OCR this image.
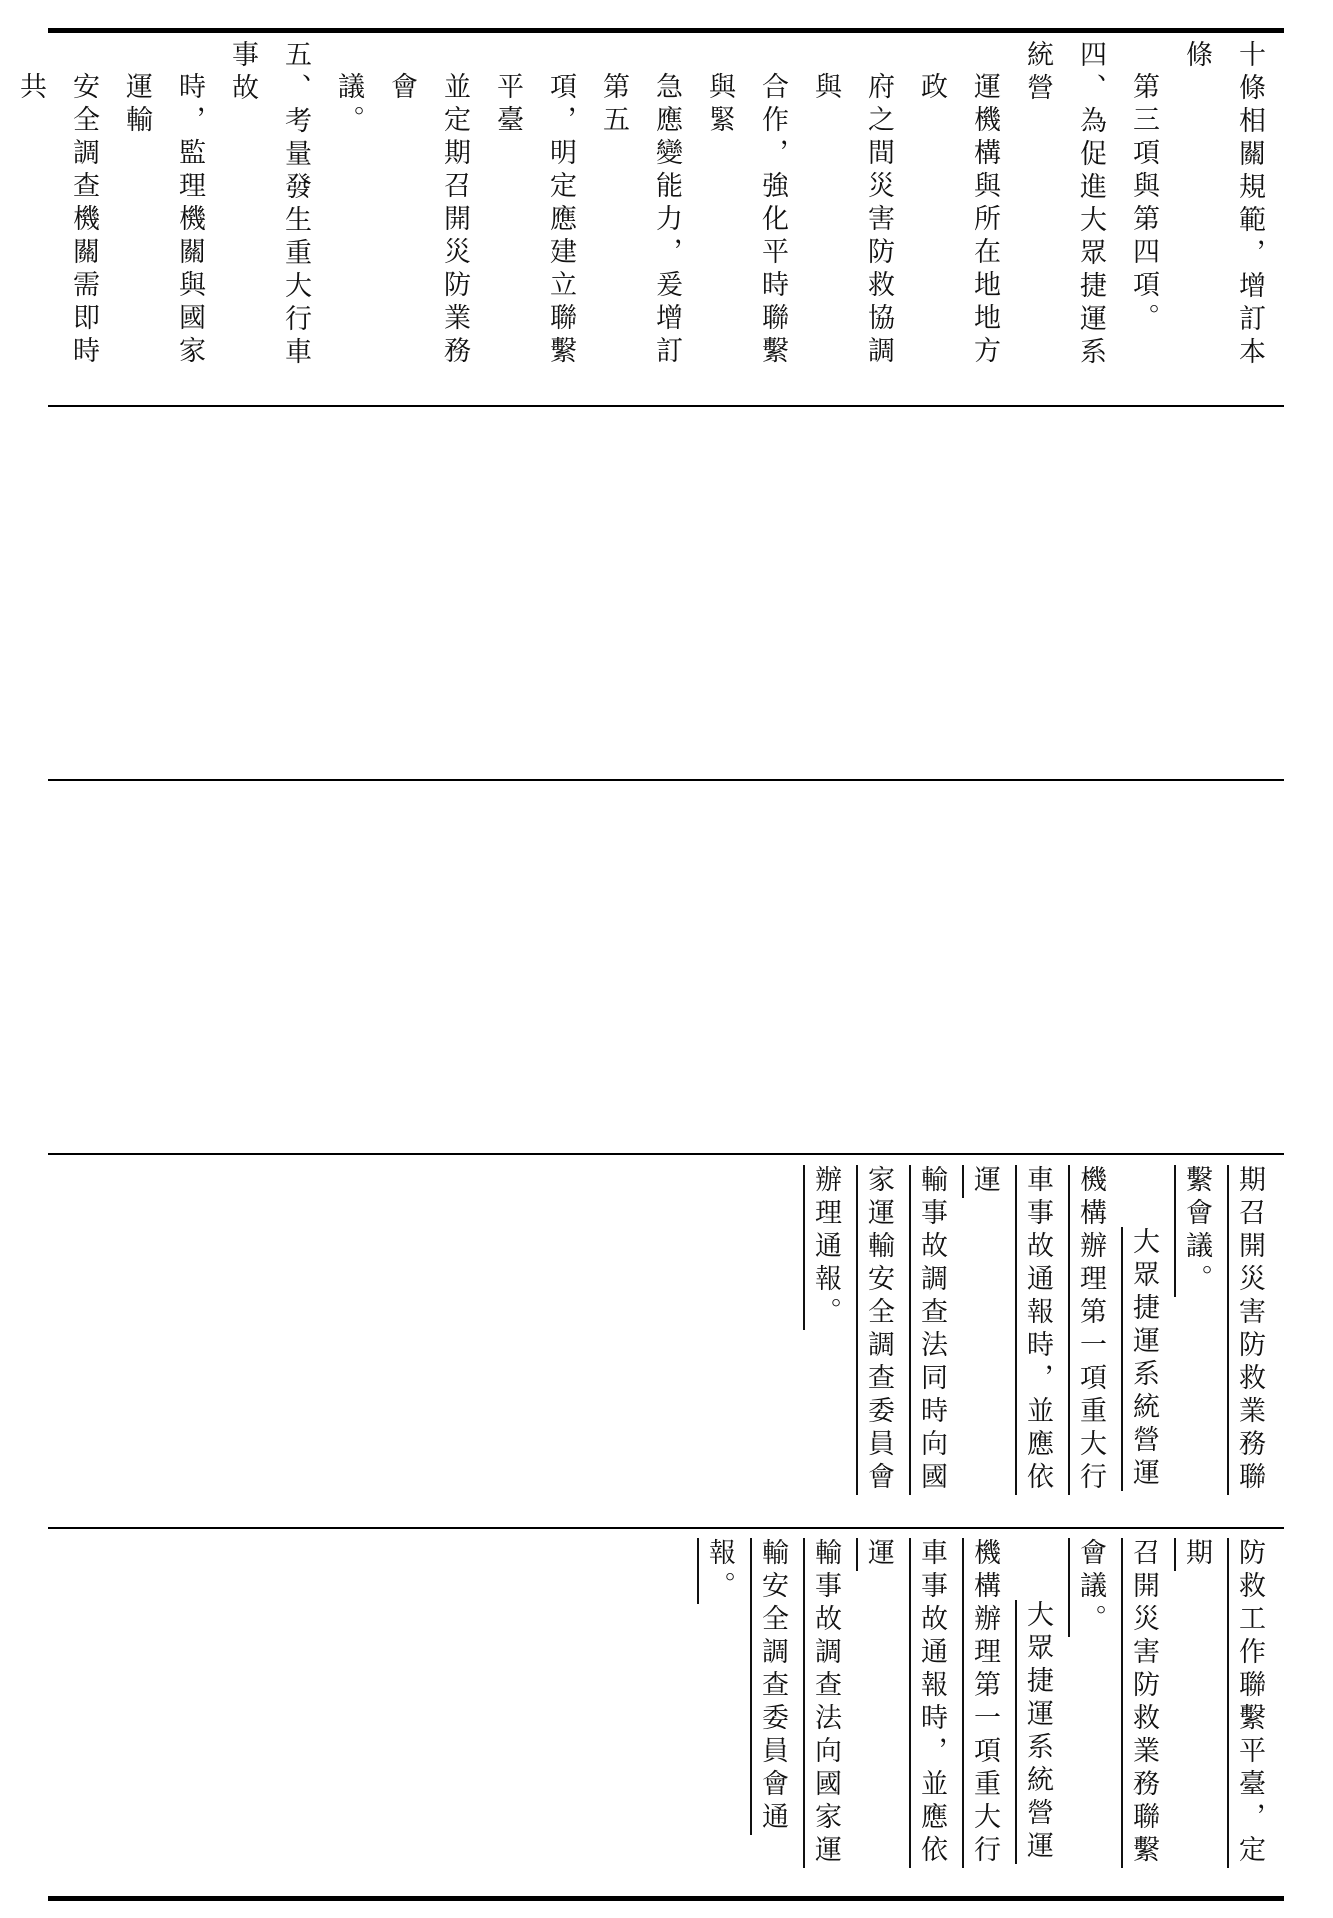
十條相關規範，增訂本條
第三項與第四項。
四、為促進大眾捷運系統營
運機構與所在地地方政
府之間災害防救協調與
合作，強化平時聯繫與緊
急應變能力，爰增訂第五
項，明定應建立聯繫平臺
並定期召開災防業務會
議。
五、考量發生重大行車事故
時，監理機關與國家運輸
安全調查機關需即時共
期召開災害防救業務聯
繫會議。
大眾捷運系統營運
機構辦理第一項重大行
車事故通報時，並應依運
輸事故調查法同時向國
家運輸安全調查委員會
辦理通報。
防救工作聯繫平臺，定期
召開災害防救業務聯繫
會議。
大眾捷運系統營運
機構辦理第一項重大行
車事故通報時，並應依運
輸事故調查法向國家運
輸安全調查委員會通報。
